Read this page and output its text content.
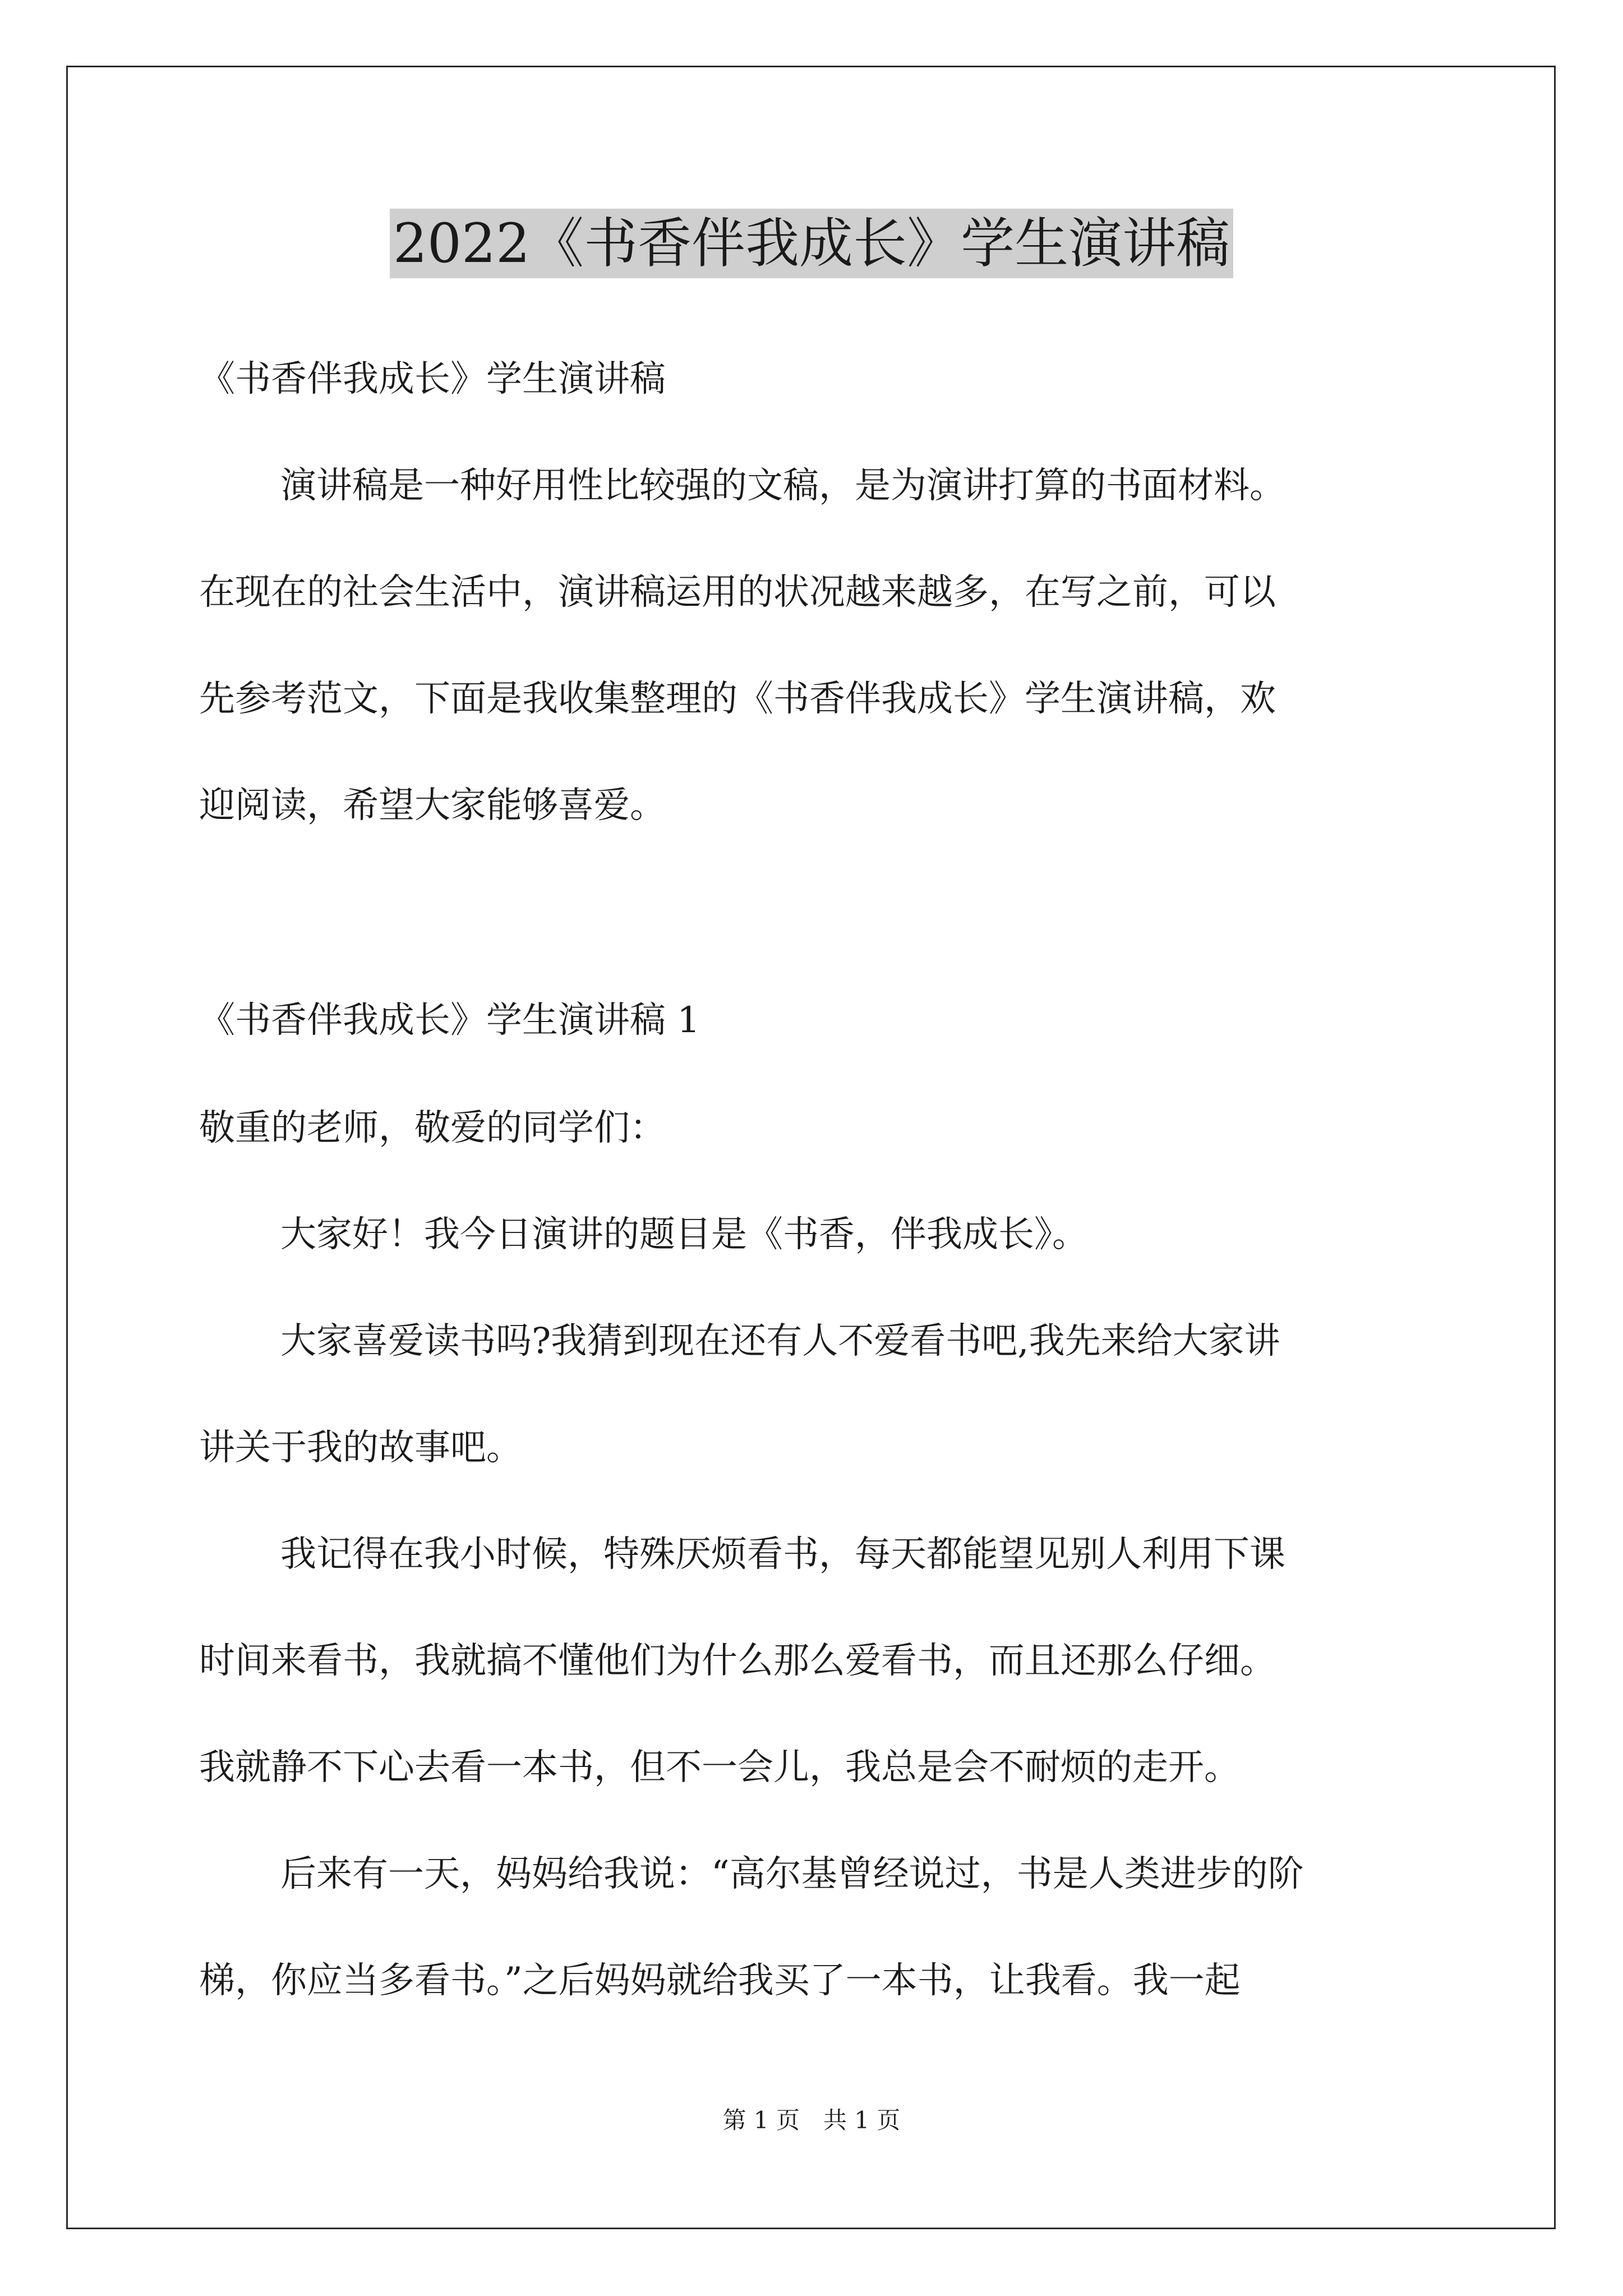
2022《书香伴我成长》学生演讲稿
《书香伴我成长》学生演讲稿
演讲稿是一种好用性比较强的文稿，是为演讲打算的书面材料。
在现在的社会生活中，演讲稿运用的状况越来越多，在写之前，可以
先参考范文，下面是我收集整理的《书香伴我成长》学生演讲稿，欢
迎阅读，希望大家能够喜爱。
《书香伴我成长》学生演讲稿 1
敬重的老师，敬爱的同学们：
大家好！我今日演讲的题目是《书香，伴我成长》。
大家喜爱读书吗?我猜到现在还有人不爱看书吧,我先来给大家讲
讲关于我的故事吧。
我记得在我小时候，特殊厌烦看书，每天都能望见别人利用下课
时间来看书，我就搞不懂他们为什么那么爱看书，而且还那么仔细。
我就静不下心去看一本书，但不一会儿，我总是会不耐烦的走开。
后来有一天，妈妈给我说：“高尔基曾经说过，书是人类进步的阶
梯，你应当多看书。”之后妈妈就给我买了一本书，让我看。我一起
第 1 页　共 1 页
